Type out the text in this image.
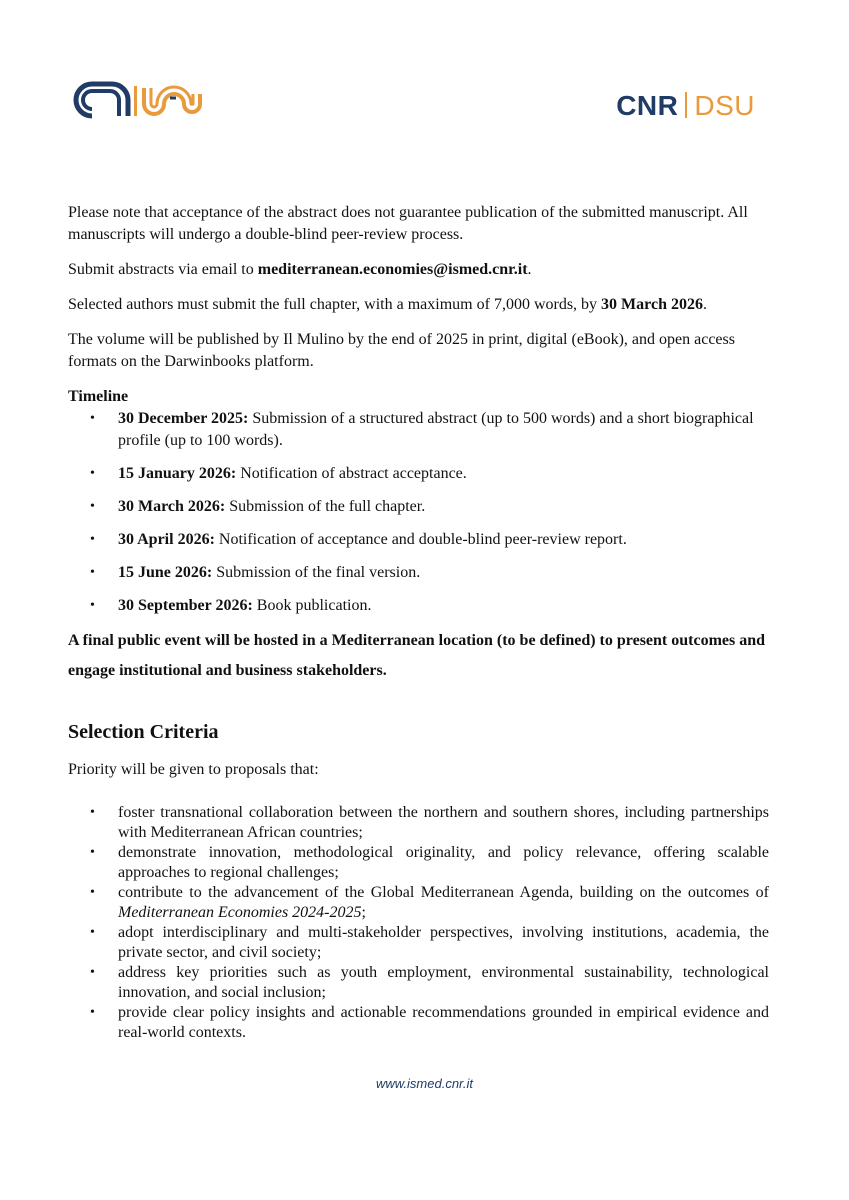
CNR DSU

Please note that acceptance of the abstract does not guarantee publication of the submitted manuscript. All manuscripts will undergo a double-blind peer-review process.

Submit abstracts via email to mediterranean.economies@ismed.cnr.it.

Selected authors must submit the full chapter, with a maximum of 7,000 words, by 30 March 2026.

The volume will be published by Il Mulino by the end of 2025 in print, digital (eBook), and open access formats on the Darwinbooks platform.

Timeline

• 30 December 2025: Submission of a structured abstract (up to 500 words) and a short biographical profile (up to 100 words).
• 15 January 2026: Notification of abstract acceptance.
• 30 March 2026: Submission of the full chapter.
• 30 April 2026: Notification of acceptance and double-blind peer-review report.
• 15 June 2026: Submission of the final version.
• 30 September 2026: Book publication.

A final public event will be hosted in a Mediterranean location (to be defined) to present outcomes and engage institutional and business stakeholders.

Selection Criteria

Priority will be given to proposals that:

• foster transnational collaboration between the northern and southern shores, including partnerships with Mediterranean African countries;
• demonstrate innovation, methodological originality, and policy relevance, offering scalable approaches to regional challenges;
• contribute to the advancement of the Global Mediterranean Agenda, building on the outcomes of Mediterranean Economies 2024-2025;
• adopt interdisciplinary and multi-stakeholder perspectives, involving institutions, academia, the private sector, and civil society;
• address key priorities such as youth employment, environmental sustainability, technological innovation, and social inclusion;
• provide clear policy insights and actionable recommendations grounded in empirical evidence and real-world contexts.
www.ismed.cnr.it
